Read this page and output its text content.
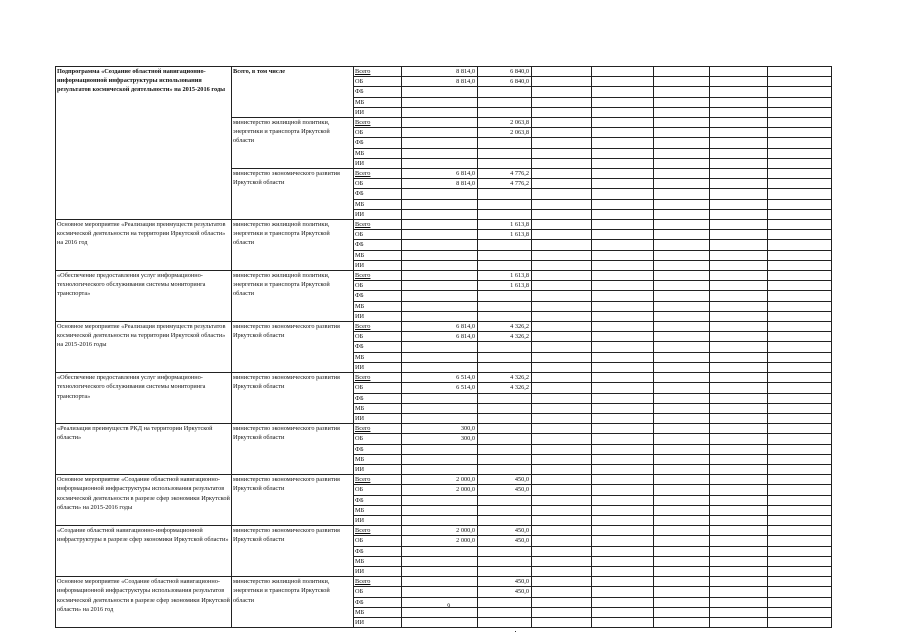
Подпрограмма «Создание областной навигационно-информационной инфраструктуры использования результатов космической деятельности» на 2015-2016 годы	Всего, в том числе	Всего	8 814,0	6 840,0					
		ОБ	8 814,0	6 840,0					
		ФБ							
		МБ							
		ИИ							
	министерство жилищной политики, энергетики и транспорта Иркутской области	Всего		2 063,8					
		ОБ		2 063,8					
		ФБ							
		МБ							
		ИИ							
	министерство экономического развития Иркутской области	Всего	6 814,0	4 776,2					
		ОБ	8 814,0	4 776,2					
		ФБ							
		МБ							
		ИИ							
Основное мероприятие «Реализация преимуществ результатов космической деятельности на территории Иркутской области» на 2016 год	министерство жилищной политики, энергетики и транспорта Иркутской области	Всего		1 613,8					
		ОБ		1 613,8					
		ФБ							
		МБ							
		ИИ							
«Обеспечение предоставления услуг информационно-технологического обслуживания системы мониторинга транспорта»	министерство жилищной политики, энергетики и транспорта Иркутской области	Всего		1 613,8					
		ОБ		1 613,8					
		ФБ							
		МБ							
		ИИ							
Основное мероприятие «Реализация преимуществ результатов космической деятельности на территории Иркутской области» на 2015-2016 годы	министерство экономического развития Иркутской области	Всего	6 814,0	4 326,2					
		ОБ	6 814,0	4 326,2					
		ФБ							
		МБ							
		ИИ							
«Обеспечение предоставления услуг информационно-технологического обслуживания системы мониторинга транспорта»	министерство экономического развития Иркутской области	Всего	6 514,0	4 326,2					
		ОБ	6 514,0	4 326,2					
		ФБ							
		МБ							
		ИИ							
«Реализация преимуществ РКД на территории Иркутской области»	министерство экономического развития Иркутской области	Всего	300,0						
		ОБ	300,0						
		ФБ							
		МБ							
		ИИ							
Основное мероприятие «Создание областной навигационно-информационной инфраструктуры использования результатов космической деятельности в разрезе сфер экономики Иркутской области» на 2015-2016 годы	министерство экономического развития Иркутской области	Всего	2 000,0	450,0					
		ОБ	2 000,0	450,0					
		ФБ							
		МБ							
		ИИ							
«Создание областной навигационно-информационной инфраструктуры в разрезе сфер экономики Иркутской области»	министерство экономического развития Иркутской области	Всего	2 000,0	450,0					
		ОБ	2 000,0	450,0					
		ФБ							
		МБ							
		ИИ							
Основное мероприятие «Создание областной навигационно-информационной инфраструктуры использования результатов космической деятельности в разрезе сфер экономики Иркутской области» на 2016 год	министерство жилищной политики, энергетики и транспорта Иркутской области	Всего		450,0					
		ОБ		450,0					
		ФБ							
		МБ							
		ИИ							
9
